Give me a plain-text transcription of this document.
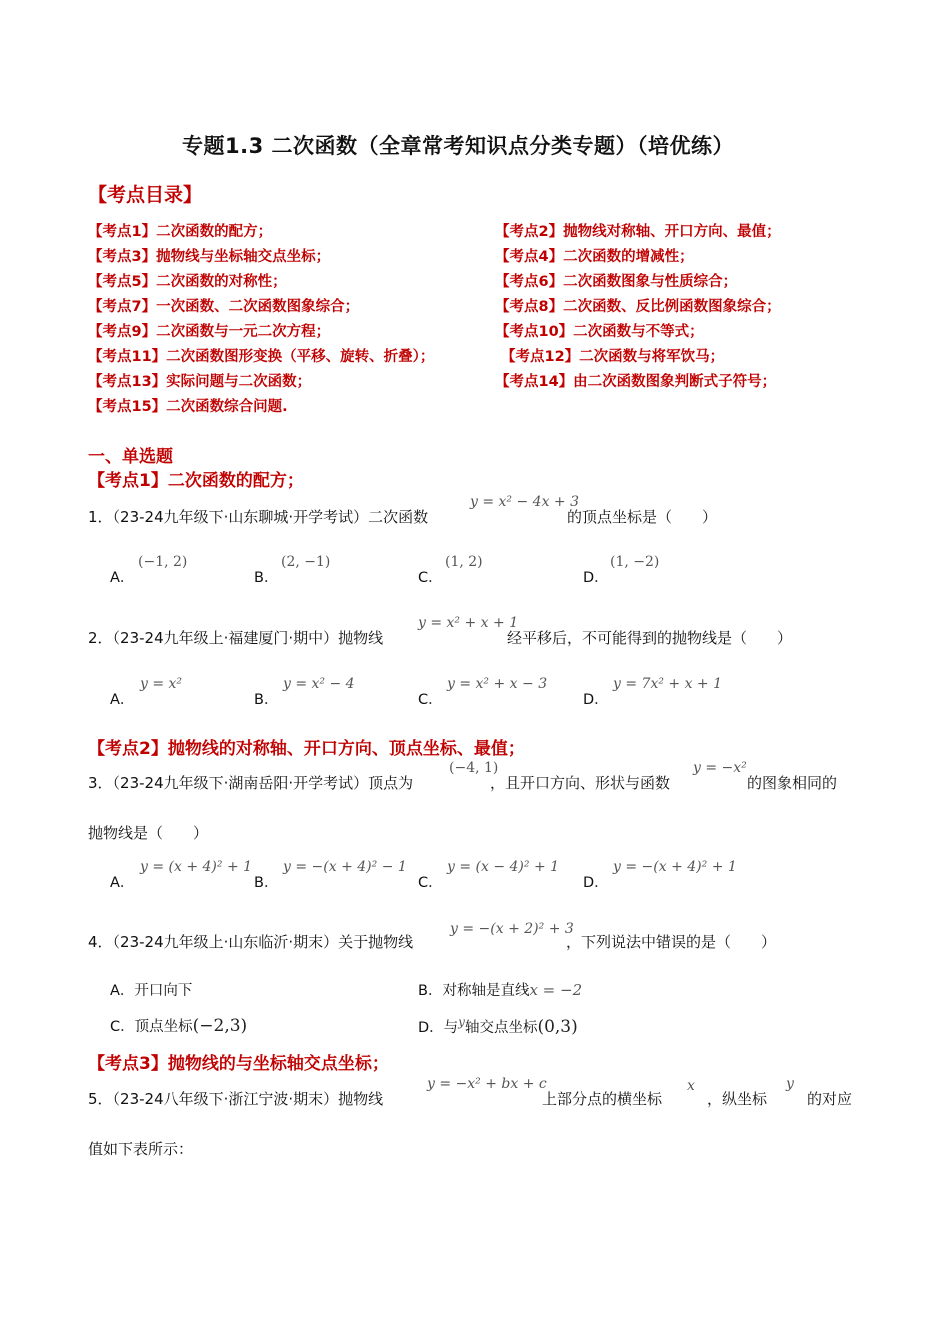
专题1.3 二次函数（全章常考知识点分类专题）（培优练）
【考点目录】
【考点1】二次函数的配方；
【考点3】抛物线与坐标轴交点坐标；
【考点5】二次函数的对称性；
【考点7】一次函数、二次函数图象综合；
【考点9】二次函数与一元二次方程；
【考点11】二次函数图形变换（平移、旋转、折叠）；
【考点13】实际问题与二次函数；
【考点15】二次函数综合问题.
【考点2】抛物线对称轴、开口方向、最值；
【考点4】二次函数的增减性；
【考点6】二次函数图象与性质综合；
【考点8】二次函数、反比例函数图象综合；
【考点10】二次函数与不等式；
【考点12】二次函数与将军饮马；
【考点14】由二次函数图象判断式子符号；
一、单选题
【考点1】二次函数的配方；
1．（23-24九年级下·山东聊城·开学考试）二次函数
y = x² − 4x + 3
的顶点坐标是（　　）
A．
(−1, 2)
B．
(2, −1)
C．
(1, 2)
D．
(1, −2)
2．（23-24九年级上·福建厦门·期中）抛物线
y = x² + x + 1
经平移后，不可能得到的抛物线是（　　）
A．
y = x²
B．
y = x² − 4
C．
y = x² + x − 3
D．
y = 7x² + x + 1
【考点2】抛物线的对称轴、开口方向、顶点坐标、最值；
3．（23-24九年级下·湖南岳阳·开学考试）顶点为
(−4, 1)
，且开口方向、形状与函数
y = −x²
的图象相同的
抛物线是（　　）
A．
y = (x + 4)² + 1
B．
y = −(x + 4)² − 1
C．
y = (x − 4)² + 1
D．
y = −(x + 4)² + 1
4．（23-24九年级上·山东临沂·期末）关于抛物线
y = −(x + 2)² + 3
，下列说法中错误的是（　　）
A．开口向下	B．对称轴是直线x = −2
C．顶点坐标(−2,3)	D．与$^y$轴交点坐标(0,3)
【考点3】抛物线的与坐标轴交点坐标；
5．（23-24八年级下·浙江宁波·期末）抛物线
y = −x² + bx + c
上部分点的横坐标
x
，纵坐标
y
的对应
值如下表所示：
